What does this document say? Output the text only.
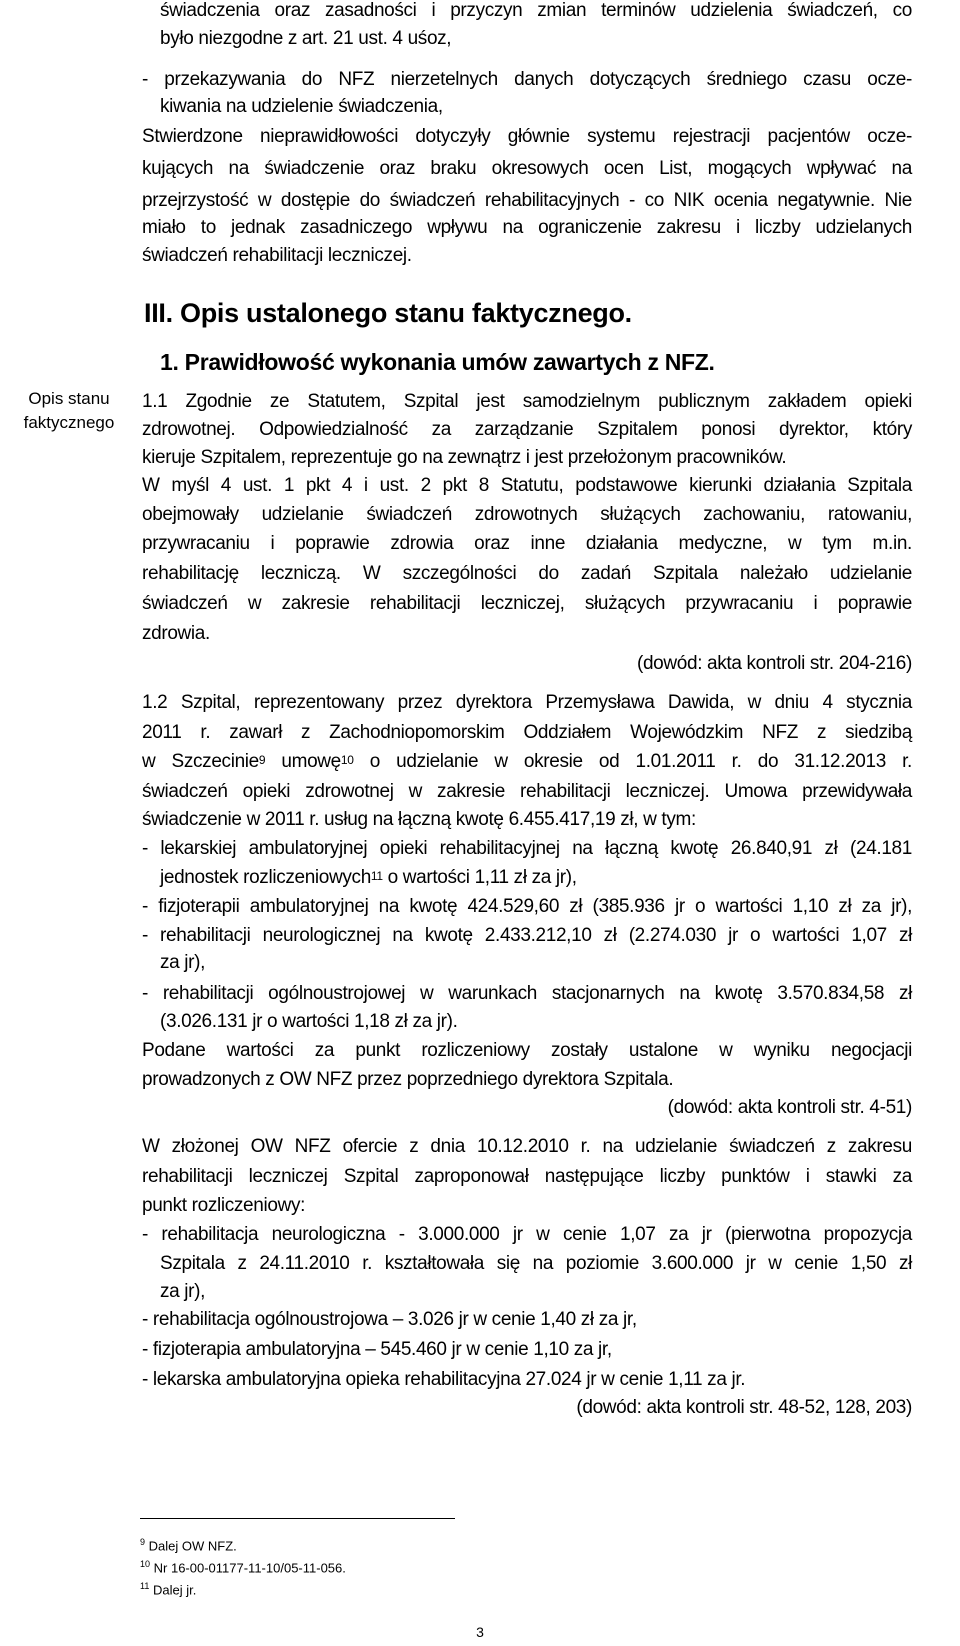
świadczenia oraz zasadności i przyczyn zmian terminów udzielenia świadczeń, co
było niezgodne z art. 21 ust. 4 uśoz,
- przekazywania do NFZ nierzetelnych danych dotyczących średniego czasu ocze-
kiwania na udzielenie świadczenia,
Stwierdzone nieprawidłowości dotyczyły głównie systemu rejestracji pacjentów ocze-
kujących na świadczenie oraz braku okresowych ocen List, mogących wpływać na
przejrzystość w dostępie do świadczeń rehabilitacyjnych - co NIK ocenia negatywnie. Nie
miało to jednak zasadniczego wpływu na ograniczenie zakresu i liczby udzielanych
świadczeń rehabilitacji leczniczej.
III. Opis ustalonego stanu faktycznego.
1. Prawidłowość wykonania umów zawartych z NFZ.
Opis stanu faktycznego
1.1 Zgodnie ze Statutem, Szpital jest samodzielnym publicznym zakładem opieki
zdrowotnej. Odpowiedzialność za zarządzanie Szpitalem ponosi dyrektor, który
kieruje Szpitalem, reprezentuje go na zewnątrz i jest przełożonym pracowników.
W myśl 4 ust. 1 pkt 4 i ust. 2 pkt 8 Statutu, podstawowe kierunki działania Szpitala
obejmowały udzielanie świadczeń zdrowotnych służących zachowaniu, ratowaniu,
przywracaniu i poprawie zdrowia oraz inne działania medyczne, w tym m.in.
rehabilitację leczniczą. W szczególności do zadań Szpitala należało udzielanie
świadczeń w zakresie rehabilitacji leczniczej, służących przywracaniu i poprawie
zdrowia.
(dowód: akta kontroli str. 204-216)
1.2 Szpital, reprezentowany przez dyrektora Przemysława Dawida, w dniu 4 stycznia
2011 r. zawarł z Zachodniopomorskim Oddziałem Wojewódzkim NFZ z siedzibą
w Szczecinie$^9$ umowę$^{10}$ o udzielanie w okresie od 1.01.2011 r. do 31.12.2013 r.
świadczeń opieki zdrowotnej w zakresie rehabilitacji leczniczej. Umowa przewidywała
świadczenie w 2011 r. usług na łączną kwotę 6.455.417,19 zł, w tym:
- lekarskiej ambulatoryjnej opieki rehabilitacyjnej na łączną kwotę 26.840,91 zł (24.181
jednostek rozliczeniowych$^{11}$ o wartości 1,11 zł za jr),
- fizjoterapii ambulatoryjnej na kwotę 424.529,60 zł (385.936 jr o wartości 1,10 zł za jr),
- rehabilitacji neurologicznej na kwotę 2.433.212,10 zł (2.274.030 jr o wartości 1,07 zł
za jr),
- rehabilitacji ogólnoustrojowej w warunkach stacjonarnych na kwotę 3.570.834,58 zł
(3.026.131 jr o wartości 1,18 zł za jr).
Podane wartości za punkt rozliczeniowy zostały ustalone w wyniku negocjacji
prowadzonych z OW NFZ przez poprzedniego dyrektora Szpitala.
(dowód: akta kontroli str. 4-51)
W złożonej OW NFZ ofercie z dnia 10.12.2010 r. na udzielanie świadczeń z zakresu
rehabilitacji leczniczej Szpital zaproponował następujące liczby punktów i stawki za
punkt rozliczeniowy:
- rehabilitacja neurologiczna - 3.000.000 jr w cenie 1,07 za jr (pierwotna propozycja
Szpitala z 24.11.2010 r. kształtowała się na poziomie 3.600.000 jr w cenie 1,50 zł
za jr),
- rehabilitacja ogólnoustrojowa – 3.026 jr w cenie 1,40 zł za jr,
- fizjoterapia ambulatoryjna – 545.460 jr w cenie 1,10 za jr,
- lekarska ambulatoryjna opieka rehabilitacyjna 27.024 jr w cenie 1,11 za jr.
(dowód: akta kontroli str. 48-52, 128, 203)
$^9$ Dalej OW NFZ.
$^{10}$ Nr 16-00-01177-11-10/05-11-056.
$^{11}$ Dalej jr.
3
